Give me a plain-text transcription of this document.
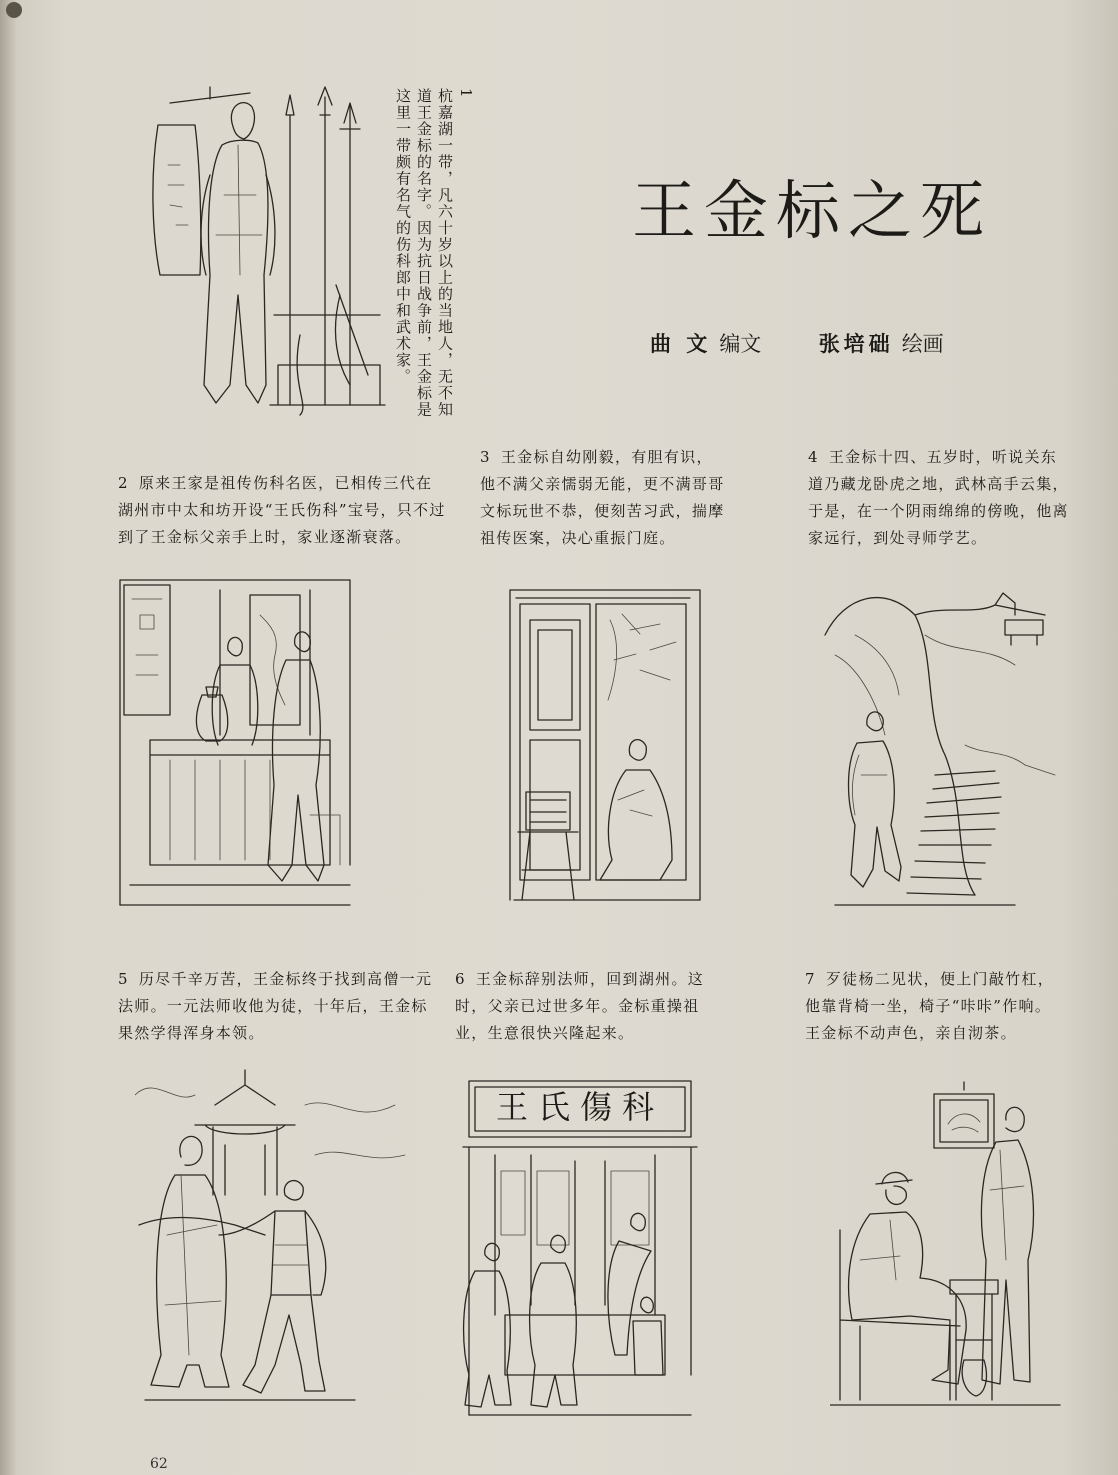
王金标之死
曲 文 编文	张培础 绘画
1
杭嘉湖一带，凡六十岁以上的当地人，无不知道王金标的名字。因为抗日战争前，王金标是这里一带颇有名气的伤科郎中和武术家。
2 原来王家是祖传伤科名医，已相传三代在湖州市中太和坊开设“王氏伤科”宝号，只不过到了王金标父亲手上时，家业逐渐衰落。
3 王金标自幼刚毅，有胆有识，他不满父亲懦弱无能，更不满哥哥文标玩世不恭，便刻苦习武，揣摩祖传医案，决心重振门庭。
4 王金标十四、五岁时，听说关东道乃藏龙卧虎之地，武林高手云集，于是，在一个阴雨绵绵的傍晚，他离家远行，到处寻师学艺。
5 历尽千辛万苦，王金标终于找到高僧一元法师。一元法师收他为徒，十年后，王金标果然学得浑身本领。
6 王金标辞别法师，回到湖州。这时，父亲已过世多年。金标重操祖业，生意很快兴隆起来。
7 歹徒杨二见状，便上门敲竹杠，他靠背椅一坐，椅子“咔咔”作响。王金标不动声色，亲自沏茶。
王氏傷科
62
